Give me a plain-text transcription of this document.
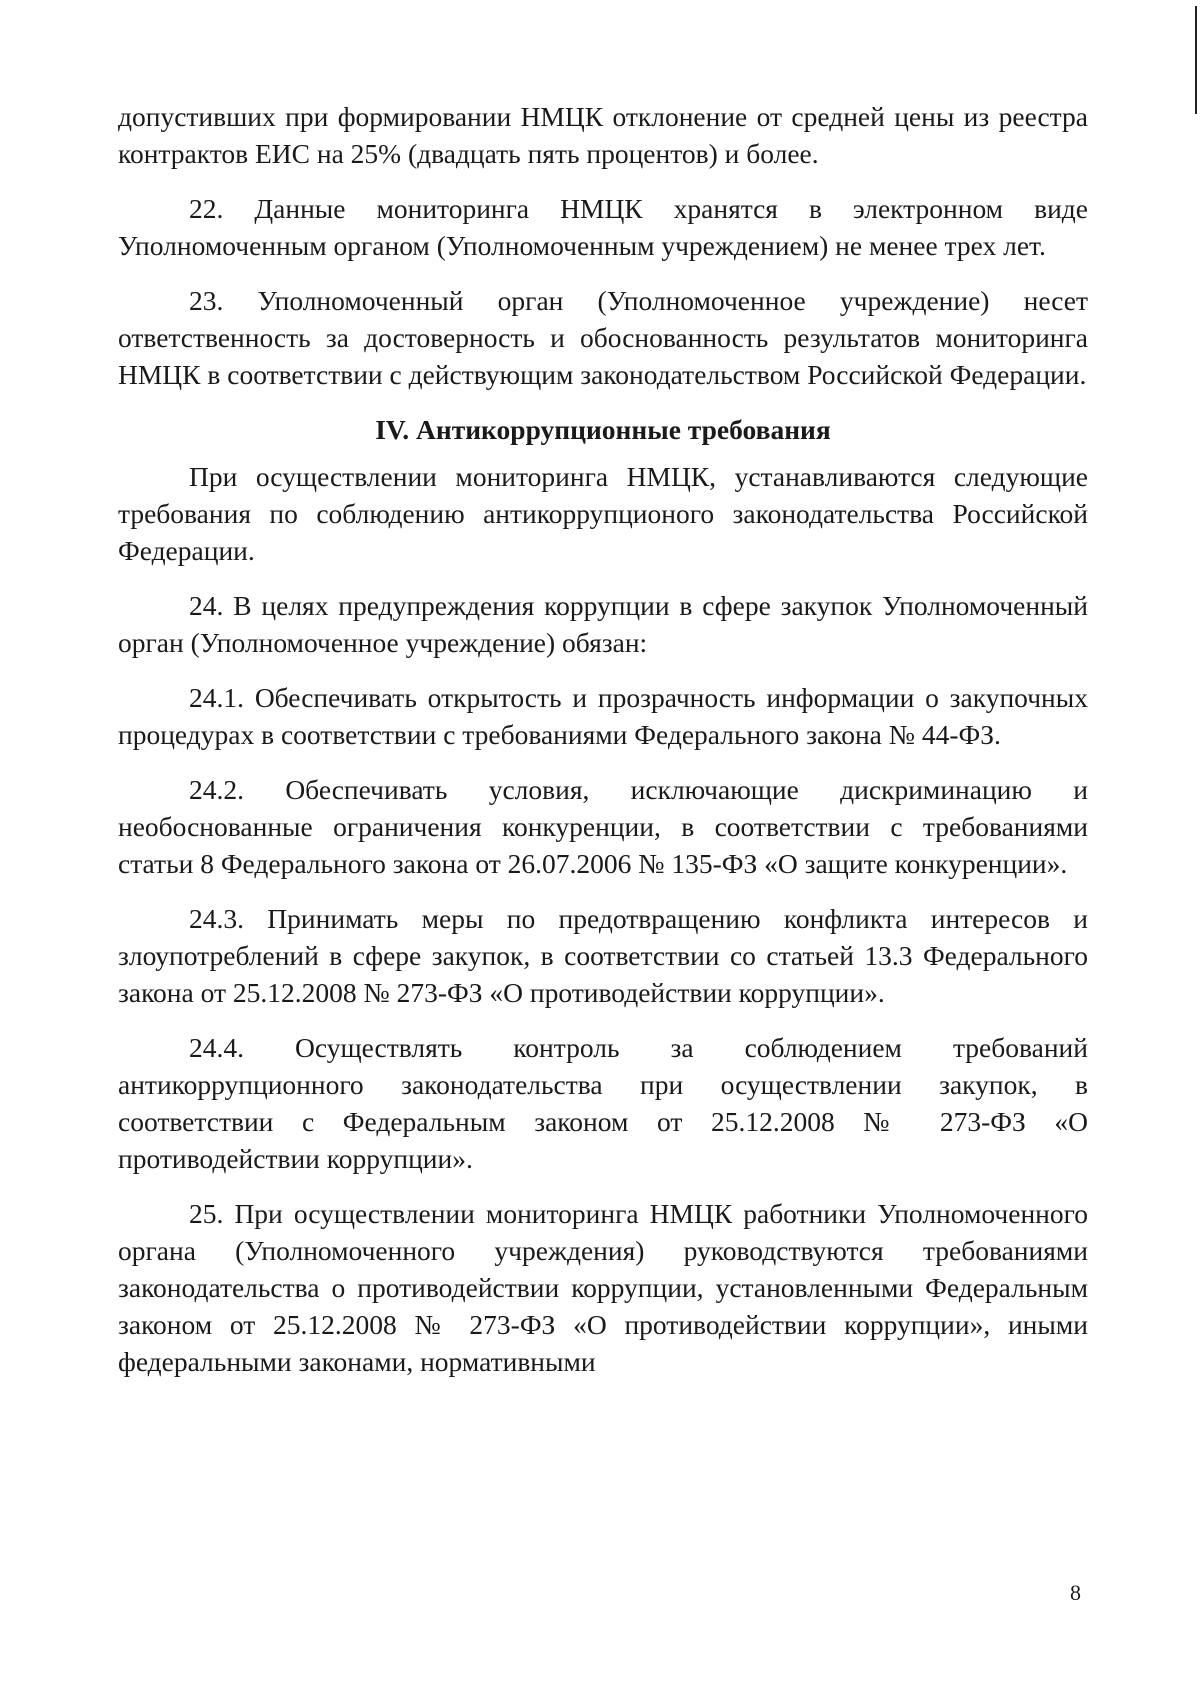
допустивших при формировании НМЦК отклонение от средней цены из реестра контрактов ЕИС на 25% (двадцать пять процентов) и более.

22. Данные мониторинга НМЦК хранятся в электронном виде Уполномоченным органом (Уполномоченным учреждением) не менее трех лет.

23. Уполномоченный орган (Уполномоченное учреждение) несет ответственность за достоверность и обоснованность результатов мониторинга НМЦК в соответствии с действующим законодательством Российской Федерации.

IV. Антикоррупционные требования

При осуществлении мониторинга НМЦК, устанавливаются следующие требования по соблюдению антикоррупционого законодательства Российской Федерации.

24. В целях предупреждения коррупции в сфере закупок Уполномоченный орган (Уполномоченное учреждение) обязан:

24.1. Обеспечивать открытость и прозрачность информации о закупочных процедурах в соответствии с требованиями Федерального закона № 44-ФЗ.

24.2. Обеспечивать условия, исключающие дискриминацию и необоснованные ограничения конкуренции, в соответствии с требованиями статьи 8 Федерального закона от 26.07.2006 № 135-ФЗ «О защите конкуренции».

24.3. Принимать меры по предотвращению конфликта интересов и злоупотреблений в сфере закупок, в соответствии со статьей 13.3 Федерального закона от 25.12.2008 № 273-ФЗ «О противодействии коррупции».

24.4. Осуществлять контроль за соблюдением требований антикоррупционного законодательства при осуществлении закупок, в соответствии с Федеральным законом от 25.12.2008 № 273-ФЗ «О противодействии коррупции».

25. При осуществлении мониторинга НМЦК работники Уполномоченного органа (Уполномоченного учреждения) руководствуются требованиями законодательства о противодействии коррупции, установленными Федеральным законом от 25.12.2008 № 273-ФЗ «О противодействии коррупции», иными федеральными законами, нормативными

8
